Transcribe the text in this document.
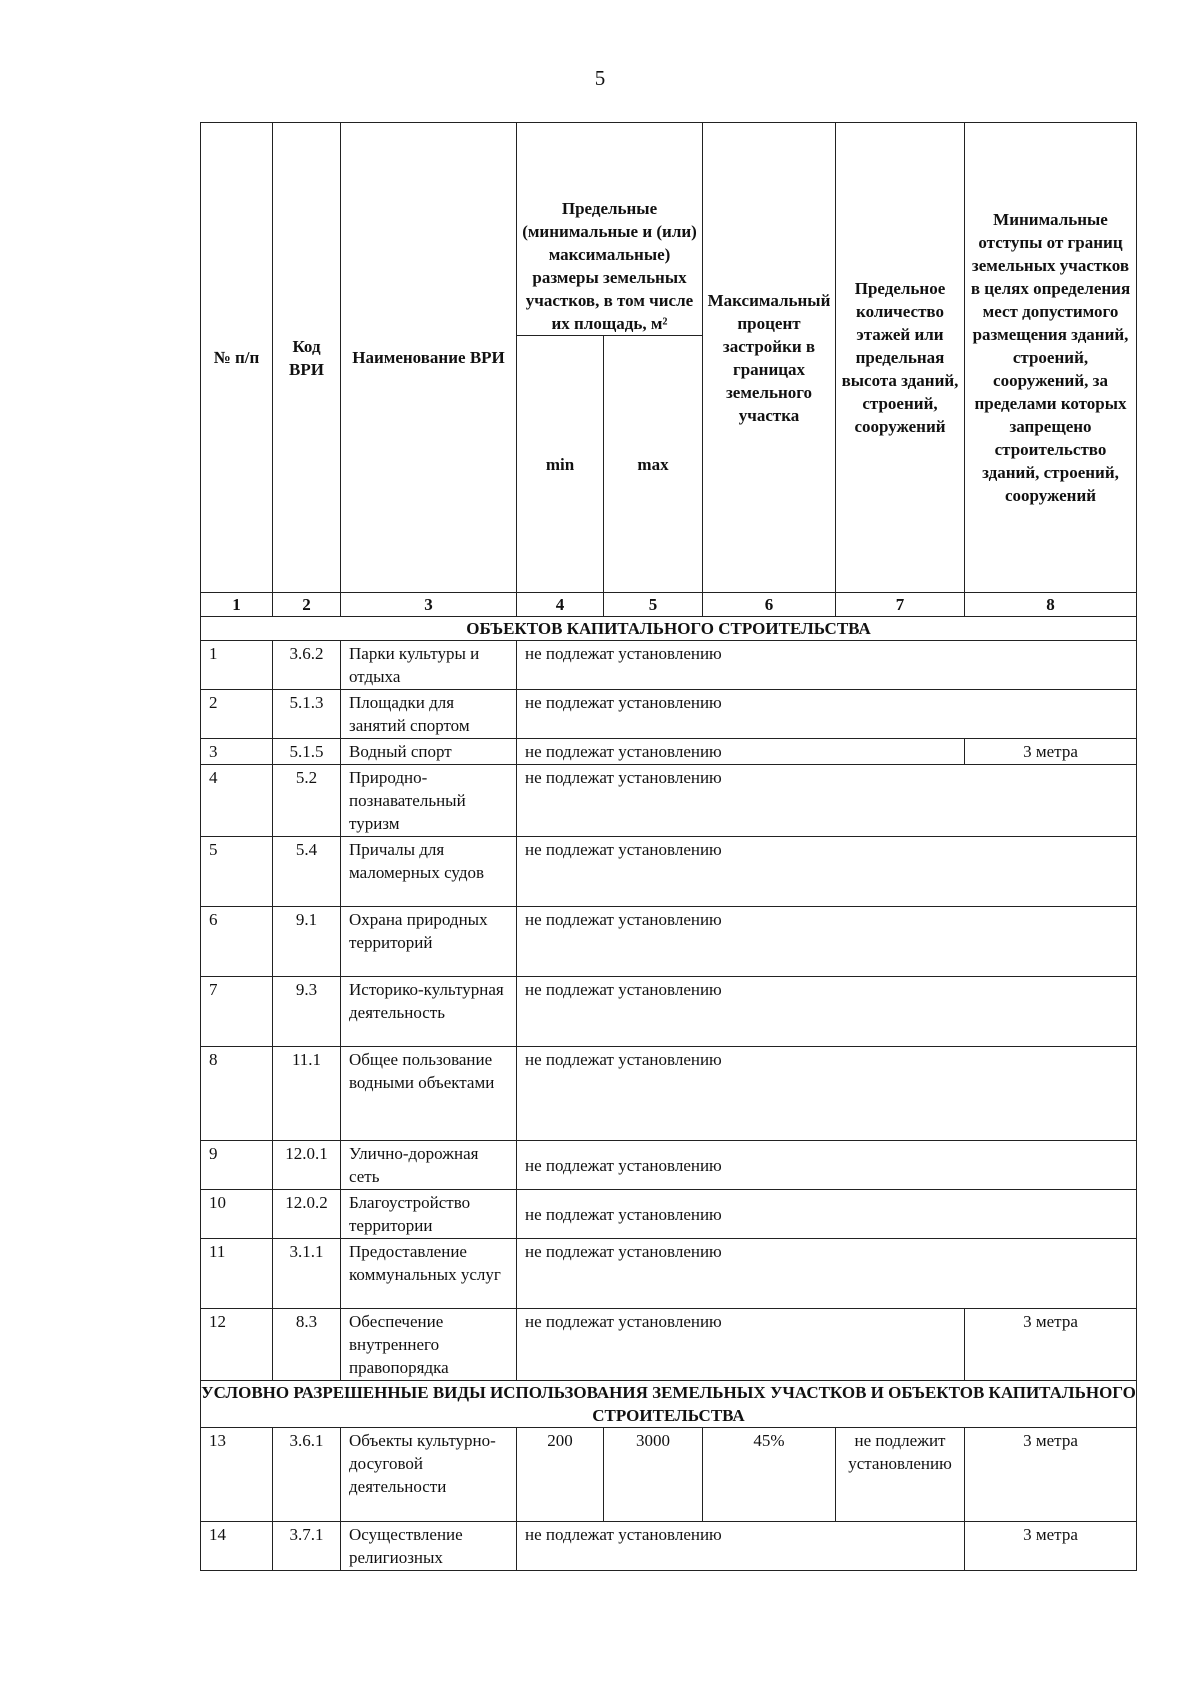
5
№ п/п	Код ВРИ	Наименование ВРИ	Предельные (минимальные и (или) максимальные) размеры земельных участков, в том числе их площадь, м²		Максимальный процент застройки в границах земельного участка	Предельное количество этажей или предельная высота зданий, строений, сооружений	Минимальные отступы от границ земельных участков в целях определения мест допустимого размещения зданий, строений, сооружений, за пределами которых запрещено строительство зданий, строений, сооружений
			min	max			
1	2	3	4	5	6	7	8
ОБЪЕКТОВ КАПИТАЛЬНОГО СТРОИТЕЛЬСТВА							
1	3.6.2	Парки культуры и отдыха	не подлежат установлению				
2	5.1.3	Площадки для занятий спортом	не подлежат установлению				
3	5.1.5	Водный спорт	не подлежат установлению				3 метра
4	5.2	Природно-познавательный туризм	не подлежат установлению				
5	5.4	Причалы для маломерных судов	не подлежат установлению				
6	9.1	Охрана природных территорий	не подлежат установлению				
7	9.3	Историко-культурная деятельность	не подлежат установлению				
8	11.1	Общее пользование водными объектами	не подлежат установлению				
9	12.0.1	Улично-дорожная сеть	не подлежат установлению				
10	12.0.2	Благоустройство территории	не подлежат установлению				
11	3.1.1	Предоставление коммунальных услуг	не подлежат установлению				
12	8.3	Обеспечение внутреннего правопорядка	не подлежат установлению				3 метра
УСЛОВНО РАЗРЕШЕННЫЕ ВИДЫ ИСПОЛЬЗОВАНИЯ ЗЕМЕЛЬНЫХ УЧАСТКОВ И ОБЪЕКТОВ КАПИТАЛЬНОГО СТРОИТЕЛЬСТВА							
13	3.6.1	Объекты культурно-досуговой деятельности	200	3000	45%	не подлежит установлению	3 метра
14	3.7.1	Осуществление религиозных	не подлежат установлению				3 метра
